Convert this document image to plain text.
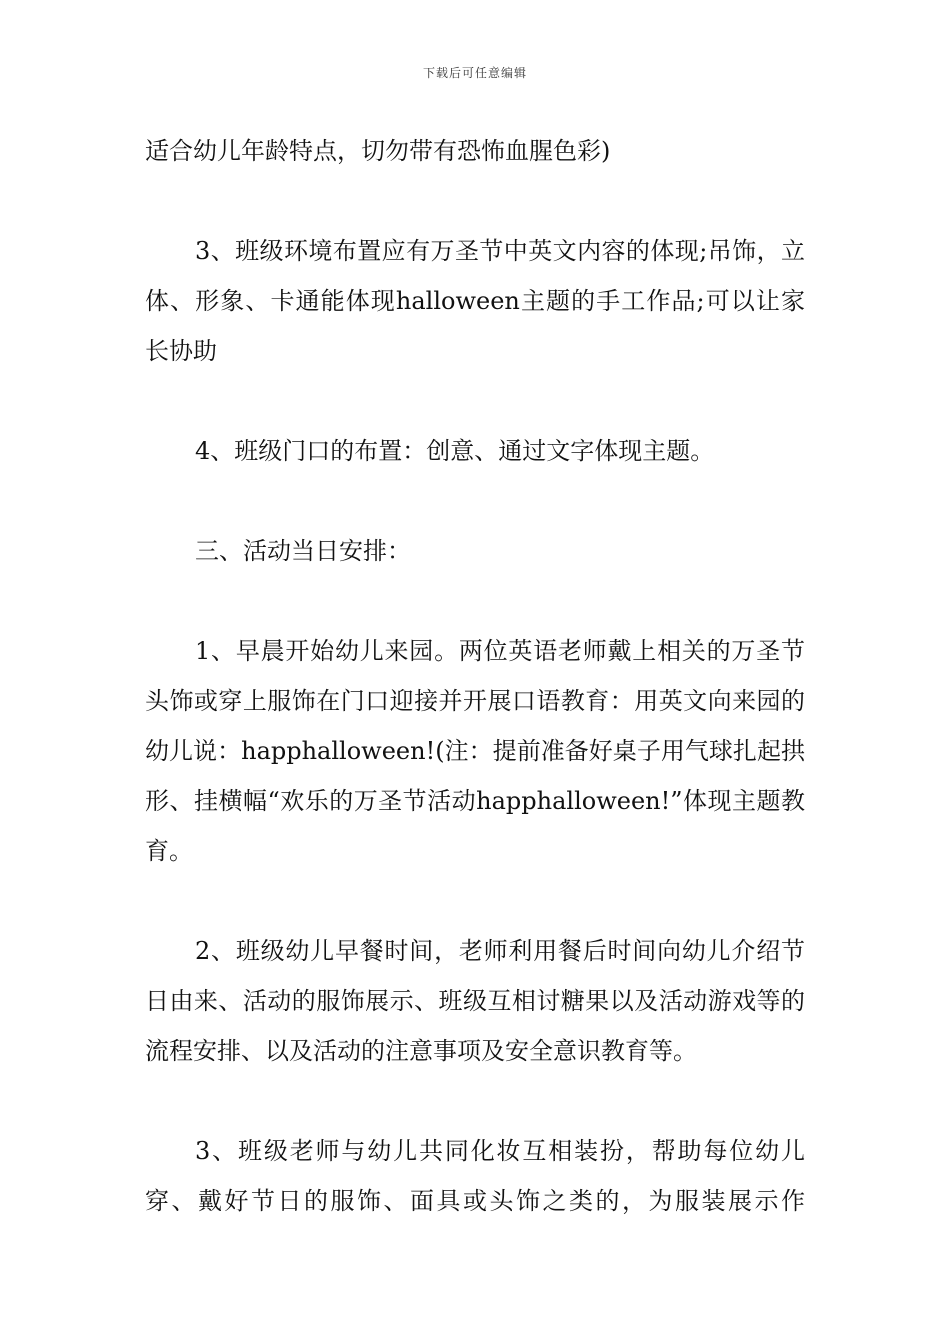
下载后可任意编辑

适合幼儿年龄特点，切勿带有恐怖血腥色彩)

3、班级环境布置应有万圣节中英文内容的体现;吊饰，立体、形象、卡通能体现halloween主题的手工作品;可以让家长协助

4、班级门口的布置：创意、通过文字体现主题。

三、活动当日安排：

1、早晨开始幼儿来园。两位英语老师戴上相关的万圣节头饰或穿上服饰在门口迎接并开展口语教育：用英文向来园的幼儿说：happhalloween!(注：提前准备好桌子用气球扎起拱形、挂横幅“欢乐的万圣节活动happhalloween!”体现主题教育。

2、班级幼儿早餐时间，老师利用餐后时间向幼儿介绍节日由来、活动的服饰展示、班级互相讨糖果以及活动游戏等的流程安排、以及活动的注意事项及安全意识教育等。

3、班级老师与幼儿共同化妆互相装扮，帮助每位幼儿穿、戴好节日的服饰、面具或头饰之类的，为服装展示作
